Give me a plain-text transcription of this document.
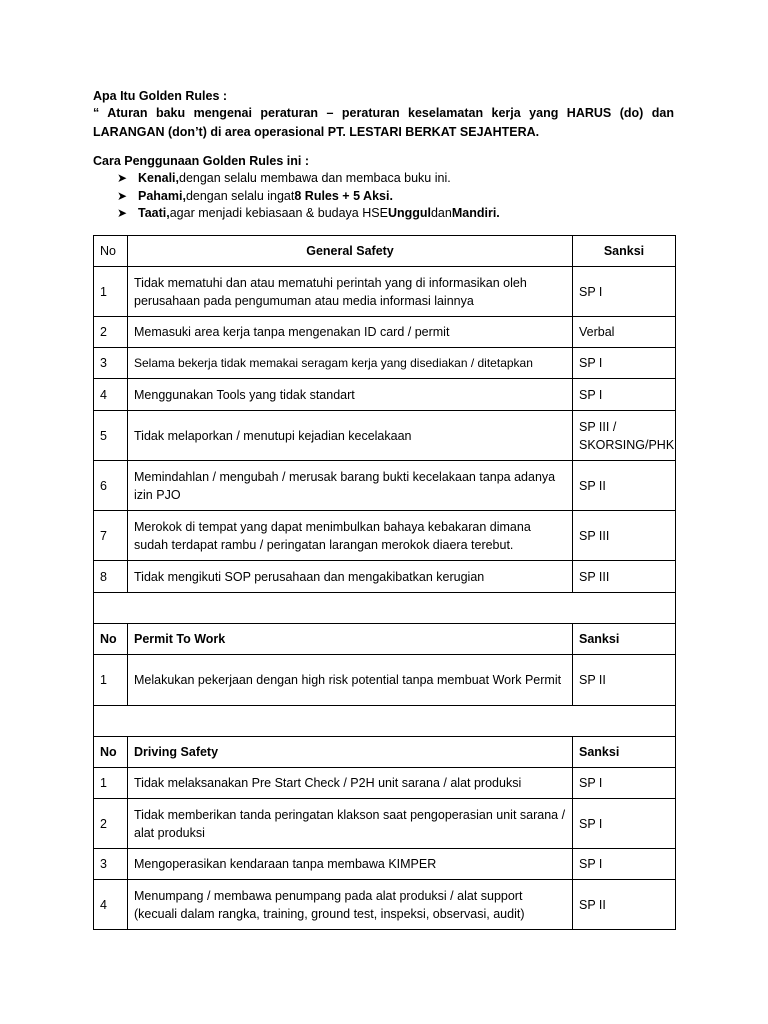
Apa Itu Golden Rules :
“ Aturan baku mengenai peraturan – peraturan keselamatan kerja yang HARUS (do) dan LARANGAN (don’t) di area operasional PT. LESTARI BERKAT SEJAHTERA.
Cara Penggunaan Golden Rules ini :
➤ Kenali, dengan selalu membawa dan membaca buku ini.
➤ Pahami, dengan selalu ingat 8 Rules + 5 Aksi.
➤ Taati, agar menjadi kebiasaan & budaya HSE Unggul dan Mandiri.
No	General Safety	Sanksi
1	Tidak mematuhi dan atau mematuhi perintah yang di informasikan oleh perusahaan pada pengumuman atau media informasi lainnya	SP I
2	Memasuki area kerja tanpa mengenakan ID card / permit	Verbal
3	Selama bekerja tidak memakai seragam kerja yang disediakan / ditetapkan	SP I
4	Menggunakan Tools yang tidak standart	SP I
5	Tidak melaporkan / menutupi kejadian kecelakaan	SP III / SKORSING/PHK
6	Memindahlan / mengubah / merusak barang bukti kecelakaan tanpa adanya izin PJO	SP II
7	Merokok di tempat yang dapat menimbulkan bahaya kebakaran dimana sudah terdapat rambu / peringatan larangan merokok diaera terebut.	SP III
8	Tidak mengikuti SOP perusahaan dan mengakibatkan kerugian	SP III

No	Permit To Work	Sanksi
1	Melakukan pekerjaan dengan high risk potential tanpa membuat Work Permit	SP II

No	Driving Safety	Sanksi
1	Tidak melaksanakan Pre Start Check / P2H unit sarana / alat produksi	SP I
2	Tidak memberikan tanda peringatan klakson saat pengoperasian unit sarana / alat produksi	SP I
3	Mengoperasikan kendaraan tanpa membawa KIMPER	SP I
4	Menumpang / membawa penumpang pada alat produksi / alat support (kecuali dalam rangka, training, ground test, inspeksi, observasi, audit)	SP II
